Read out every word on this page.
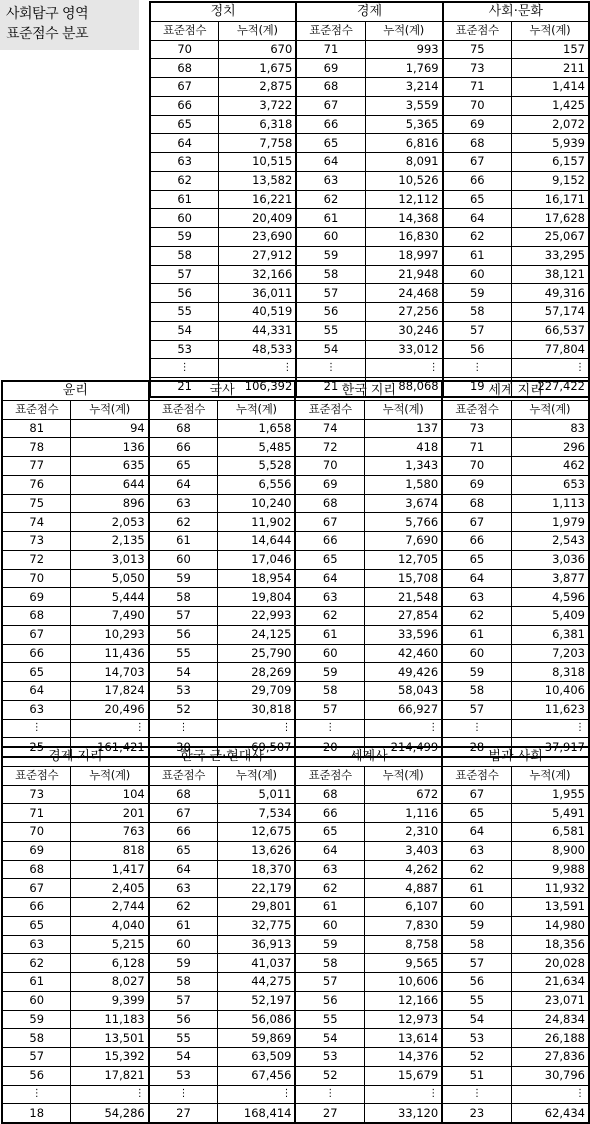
사회탐구 영역
표준점수 분포
정치		경제		사회·문화	
표준점수	누적(계)	표준점수	누적(계)	표준점수	누적(계)
70	670	71	993	75	157
68	1,675	69	1,769	73	211
67	2,875	68	3,214	71	1,414
66	3,722	67	3,559	70	1,425
65	6,318	66	5,365	69	2,072
64	7,758	65	6,816	68	5,939
63	10,515	64	8,091	67	6,157
62	13,582	63	10,526	66	9,152
61	16,221	62	12,112	65	16,171
60	20,409	61	14,368	64	17,628
59	23,690	60	16,830	62	25,067
58	27,912	59	18,997	61	33,295
57	32,166	58	21,948	60	38,121
56	36,011	57	24,468	59	49,316
55	40,519	56	27,256	58	57,174
54	44,331	55	30,246	57	66,537
53	48,533	54	33,012	56	77,804
⋮	⋮	⋮	⋮	⋮	⋮
21	106,392	21	88,068	19	227,422
윤리		국사		한국 지리		세계 지리	
표준점수	누적(계)	표준점수	누적(계)	표준점수	누적(계)	표준점수	누적(계)
81	94	68	1,658	74	137	73	83
78	136	66	5,485	72	418	71	296
77	635	65	5,528	70	1,343	70	462
76	644	64	6,556	69	1,580	69	653
75	896	63	10,240	68	3,674	68	1,113
74	2,053	62	11,902	67	5,766	67	1,979
73	2,135	61	14,644	66	7,690	66	2,543
72	3,013	60	17,046	65	12,705	65	3,036
70	5,050	59	18,954	64	15,708	64	3,877
69	5,444	58	19,804	63	21,548	63	4,596
68	7,490	57	22,993	62	27,854	62	5,409
67	10,293	56	24,125	61	33,596	61	6,381
66	11,436	55	25,790	60	42,460	60	7,203
65	14,703	54	28,269	59	49,426	59	8,318
64	17,824	53	29,709	58	58,043	58	10,406
63	20,496	52	30,818	57	66,927	57	11,623
⋮	⋮	⋮	⋮	⋮	⋮	⋮	⋮
25	161,421	30	69,507	20	214,499	28	37,917
경제 지리		한국 근·현대사		세계사		법과 사회	
표준점수	누적(계)	표준점수	누적(계)	표준점수	누적(계)	표준점수	누적(계)
73	104	68	5,011	68	672	67	1,955
71	201	67	7,534	66	1,116	65	5,491
70	763	66	12,675	65	2,310	64	6,581
69	818	65	13,626	64	3,403	63	8,900
68	1,417	64	18,370	63	4,262	62	9,988
67	2,405	63	22,179	62	4,887	61	11,932
66	2,744	62	29,801	61	6,107	60	13,591
65	4,040	61	32,775	60	7,830	59	14,980
63	5,215	60	36,913	59	8,758	58	18,356
62	6,128	59	41,037	58	9,565	57	20,028
61	8,027	58	44,275	57	10,606	56	21,634
60	9,399	57	52,197	56	12,166	55	23,071
59	11,183	56	56,086	55	12,973	54	24,834
58	13,501	55	59,869	54	13,614	53	26,188
57	15,392	54	63,509	53	14,376	52	27,836
56	17,821	53	67,456	52	15,679	51	30,796
⋮	⋮	⋮	⋮	⋮	⋮	⋮	⋮
18	54,286	27	168,414	27	33,120	23	62,434
